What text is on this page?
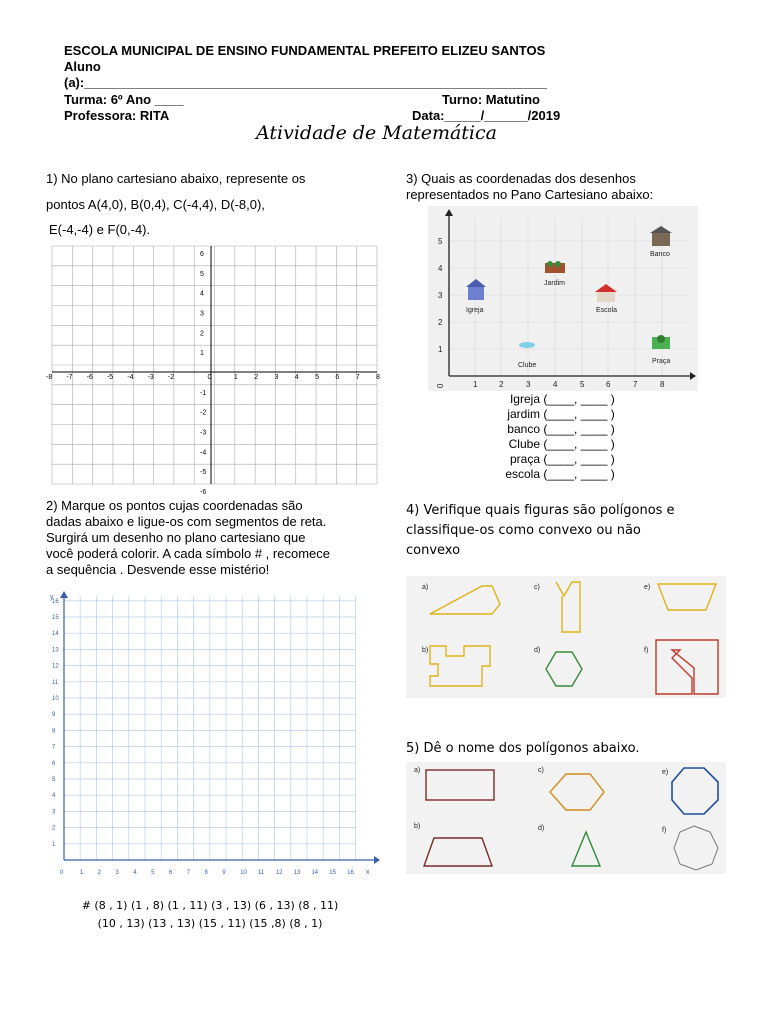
ESCOLA MUNICIPAL DE ENSINO FUNDAMENTAL PREFEITO ELIZEU SANTOS
Aluno
(a):________________________________________________________________
Turma: 6º Ano ____	Turno: Matutino
Professora: RITA	Data:_____/______/2019
Atividade de Matemática
1) No plano cartesiano abaixo, represente os
pontos A(4,0), B(0,4), C(-4,4), D(-8,0),
E(-4,-4) e F(0,-4).
-8 -7 -6 -5 -4 -3 -2	0	1 2 3 4 5 6 7 8
6
5
4
3
2
1
-1
-2
-3
-4
-5
-6
2) Marque os pontos cujas coordenadas são
dadas abaixo e ligue-os com segmentos de reta.
Surgirá um desenho no plano cartesiano que
você poderá colorir. A cada símbolo # , recomece
a sequência . Desvende esse mistério!
x
y
0	1 2 3 4 5 6 7 8 9 10 11 12 13 14 15 16
16
15
14
13
12
11
10
9
8
7
6
5
4
3
2
1
# (8 , 1) (1 , 8) (1 , 11) (3 , 13) (6 , 13) (8 , 11)
(10 , 13) (13 , 13) (15 , 11) (15 ,8) (8 , 1)
3) Quais as coordenadas dos desenhos
representados no Pano Cartesiano abaixo:
0	1	2	3	4	5	6	7	8
5
4
3
2
1
Banco
Jardim
Igreja	Escola
Clube
Praça
Igreja (____, ____ )
jardim (____, ____ )
banco (____, ____ )
Clube (____, ____ )
praça (____, ____ )
escola (____, ____ )
4) Verifique quais figuras são polígonos e
classifique-os como convexo ou não
convexo
a)
b)
c)
d)
e)
f)
5) Dê o nome dos polígonos abaixo.
a)
b)
c)
d)
e)
f)
